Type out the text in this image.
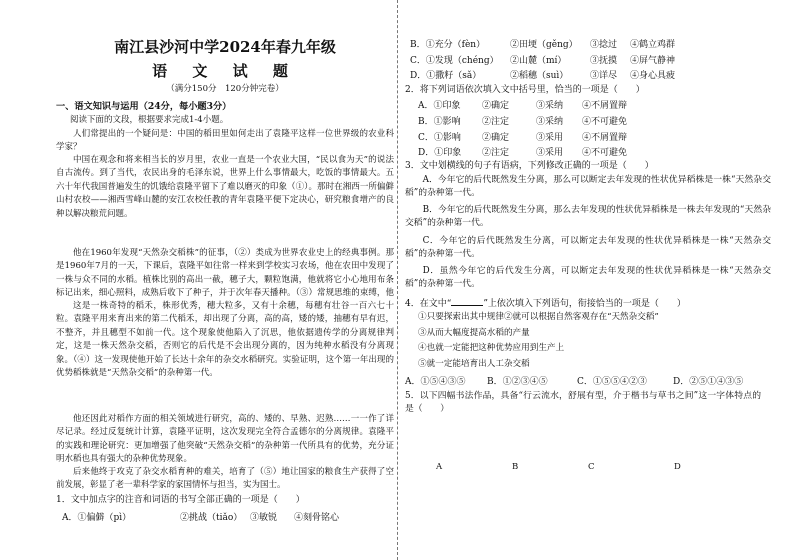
南江县沙河中学2024年春九年级
语 文 试 题
（满分150分　120分钟完卷）
一、语文知识与运用（24分，每小题3分）
阅读下面的文段，根据要求完成1-4小题。
人们常提出的一个疑问是：中国的稻田里如何走出了袁隆平这样一位世界级的农业科学家？
中国在观念和将来相当长的岁月里，农业一直是一个农业大国，“民以食为天”的说法自古流传。到了当代，农民出身的毛泽东说，世界上什么事情最大，吃饭的事情最大。五六十年代我国普遍发生的饥饿给袁隆平留下了难以磨灭的印象（①）。那时在湘西一所偏僻山村农校——湘西雪峰山麓的安江农校任教的青年袁隆平便下定决心，研究粮食增产的良种以解决粮荒问题。
他在1960年发现“天然杂交稻株”的征事，（②）类成为世界农业史上的经典事例。那是1960年7月的一天，下课后，袁隆平如往常一样来到学校实习农场，他在农田中发现了一株与众不同的水稻。植株比别的高出一截，穗子大，颗粒饱满，他就将它小心地用布条标记出来，细心照料，成熟后收下了种子，并于次年春天播种。（③）常规思维的束缚，他
这是一株奇特的稻禾，株形优秀，穗大粒多，又有十余穗，每穗有壮谷一百六七十粒。袁隆平用来育出来的第二代稻禾，却出现了分离，高的高，矮的矮，抽穗有早有迟，不整齐，并且穗型不如前一代。这个现象使他陷入了沉思，他依据遗传学的分离规律判定，这是一株天然杂交稻，否则它的后代是不会出现分离的，因为纯种水稻没有分离现象。（④）这一发现使他开始了长达十余年的杂交水稻研究。实验证明，这个第一年出现的优势稻株就是“天然杂交稻”的杂种第一代。
他还因此对稻作方面的相关领域进行研究，高的、矮的、早熟、迟熟……一一作了详尽记录。经过反复统计计算，袁隆平证明，这次发现完全符合孟德尔的分离规律。袁隆平的实践和理论研究：更加增强了他突破“天然杂交稻”的杂种第一代所具有的优势，充分证明水稻也具有强大的杂种优势现象。
后来他终于攻克了杂交水稻育种的难关，培育了（⑤）地让国家的粮食生产获得了空前发展，彰显了老一辈科学家的家国情怀与担当，实为国士。
1．文中加点字的注音和词语的书写全部正确的一项是（　　）
A．①偏僻（pì）	②挑战（tiǎo） ③敏锐 ④刻骨铭心
B．①充分（fèn）	②田埂（gěng） ③捻过 ④鹤立鸡群
C．①发现（chéng） ②山麓（mí）	③抚摸 ④屏气静神
D．①撒籽（sǎ）	②稻穗（suì） ③详尽 ④身心具疲
2．将下列词语依次填入文中括号里，恰当的一项是（　　）
A．①印象 ②确定	③采纳 ④不屑置辩
B．①影响 ②注定	③采纳 ④不可避免
C．①影响 ②确定	③采用 ④不屑置辩
D．①印象 ②注定	③采用 ④不可避免
3．文中划横线的句子有语病，下列修改正确的一项是（　　）
A．今年它的后代既然发生分离，那么可以断定去年发现的性状优异稻株是一株“天然杂交稻”的杂种第一代。
B．今年它的后代既然发生分离，那么去年发现的性状优异稻株是一株去年发现的“天然杂交稻”的杂种第一代。
C．今年它的后代既然发生分离，可以断定去年发现的性状优异稻株是一株“天然杂交稻”的杂种第一代。
D．虽然今年它的后代发生分离，可以断定去年发现的性状优异稻株是一株“天然杂交稻”的杂种第一代。
4．在文中“	”上依次填入下列语句，衔接恰当的一项是（　　）
①只要探索出其中规律②就可以根据自然客观存在“天然杂交稻”
③从而大幅度提高水稻的产量
④也就一定能把这种优势应用到生产上
⑤就一定能培育出人工杂交稻
A．①⑤④③⑤ B．①②③④⑤	C．①⑤⑤④②③	D．②⑤①④③⑤
5．以下四幅书法作品，具备“行云流水，舒展有型，介于楷书与草书之间”这一字体特点的是（　　）
A	B	C	D
